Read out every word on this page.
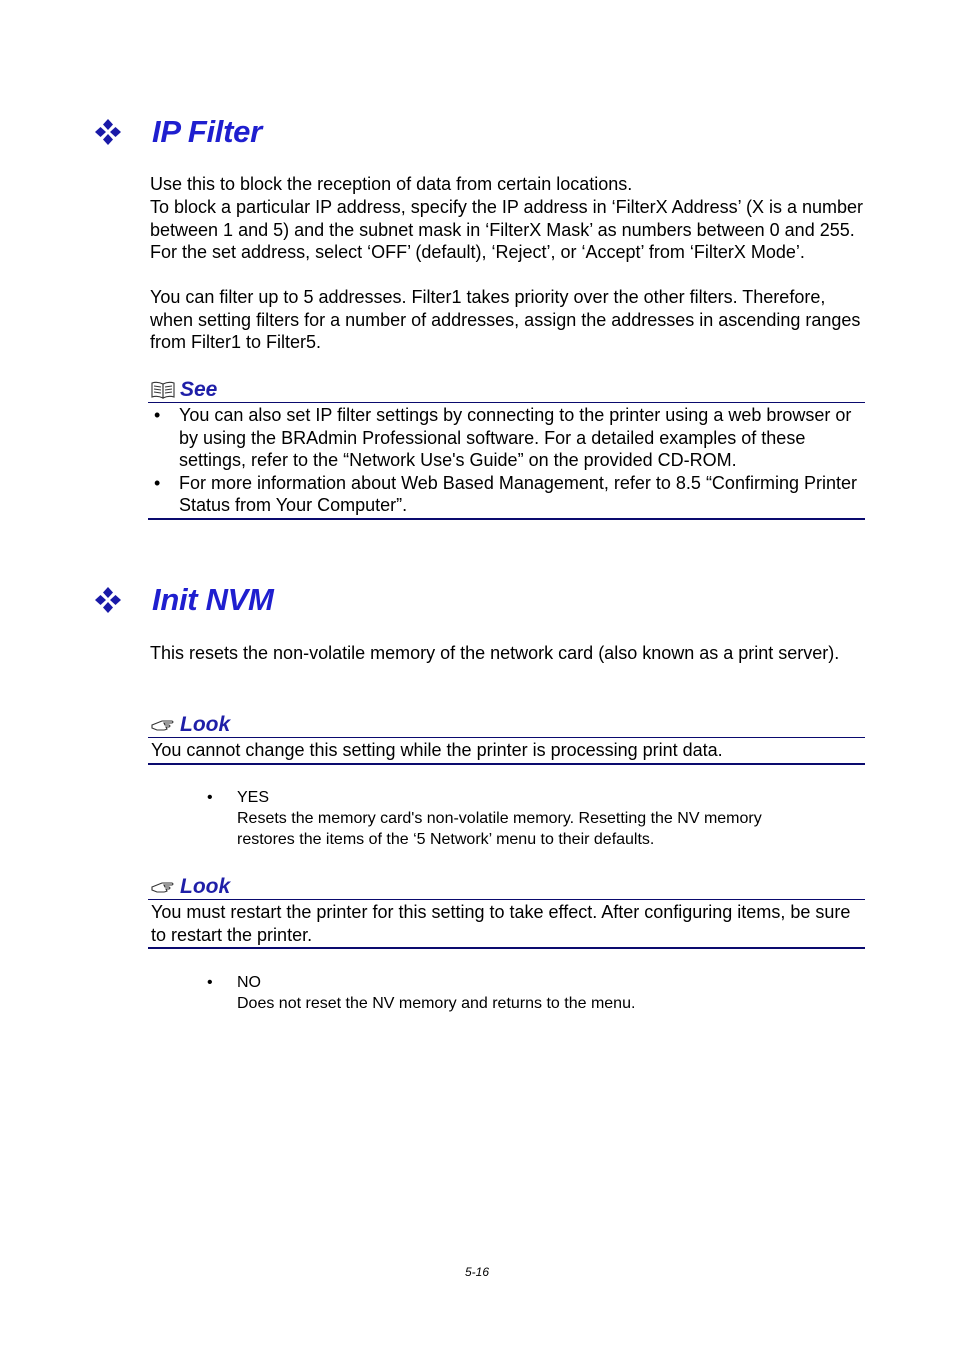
IP Filter

Use this to block the reception of data from certain locations.

To block a particular IP address, specify the IP address in ‘FilterX Address’ (X is a number between 1 and 5) and the subnet mask in ‘FilterX Mask’ as numbers between 0 and 255. For the set address, select ‘OFF’ (default), ‘Reject’, or ‘Accept’ from ‘FilterX Mode’.

You can filter up to 5 addresses. Filter1 takes priority over the other filters. Therefore, when setting filters for a number of addresses, assign the addresses in ascending ranges from Filter1 to Filter5.

See
• You can also set IP filter settings by connecting to the printer using a web browser or by using the BRAdmin Professional software. For a detailed examples of these settings, refer to the “Network Use's Guide” on the provided CD-ROM.
• For more information about Web Based Management, refer to 8.5 “Confirming Printer Status from Your Computer”.
Init NVM

This resets the non-volatile memory of the network card (also known as a print server).

Look
You cannot change this setting while the printer is processing print data.
• YES
Resets the memory card's non-volatile memory. Resetting the NV memory
restores the items of the ‘5 Network’ menu to their defaults.
Look
You must restart the printer for this setting to take effect. After configuring items, be sure to restart the printer.
• NO
Does not reset the NV memory and returns to the menu.
5-16
